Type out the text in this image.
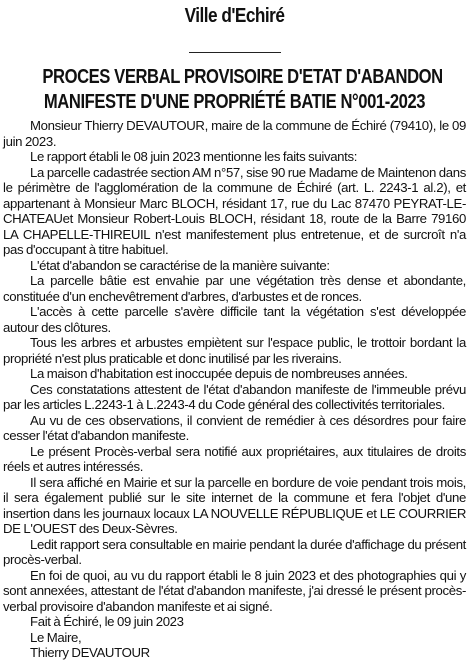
Ville d'Echiré
PROCES VERBAL PROVISOIRE D'ETAT D'ABANDON
MANIFESTE D'UNE PROPRIÉTÉ BATIE N°001-2023

Monsieur Thierry DEVAUTOUR, maire de la commune de Échiré (79410), le 09 juin 2023.

Le rapport établi le 08 juin 2023 mentionne les faits suivants:

La parcelle cadastrée section AM n°57, sise 90 rue Madame de Maintenon dans le périmètre de l'agglomération de la commune de Échiré (art. L. 2243-1 al.2), et appartenant à Monsieur Marc BLOCH, résidant 17, rue du Lac 87470 PEYRAT-LE-CHATEAUet Monsieur Robert-Louis BLOCH, résidant 18, route de la Barre 79160 LA CHAPELLE-THIREUIL n'est manifestement plus entretenue, et de surcroît n'a pas d'occupant à titre habituel.

L'état d'abandon se caractérise de la manière suivante:

La parcelle bâtie est envahie par une végétation très dense et abondante, constituée d'un enchevêtrement d'arbres, d'arbustes et de ronces.

L'accès à cette parcelle s'avère difficile tant la végétation s'est développée autour des clôtures.

Tous les arbres et arbustes empiètent sur l'espace public, le trottoir bordant la propriété n'est plus praticable et donc inutilisé par les riverains.

La maison d'habitation est inoccupée depuis de nombreuses années.

Ces constatations attestent de l'état d'abandon manifeste de l'immeuble prévu par les articles L.2243-1 à L.2243-4 du Code général des collectivités territoriales.

Au vu de ces observations, il convient de remédier à ces désordres pour faire cesser l'état d'abandon manifeste.

Le présent Procès-verbal sera notifié aux propriétaires, aux titulaires de droits réels et autres intéressés.

Il sera affiché en Mairie et sur la parcelle en bordure de voie pendant trois mois, il sera également publié sur le site internet de la commune et fera l'objet d'une insertion dans les journaux locaux LA NOUVELLE RÉPUBLIQUE et LE COURRIER DE L'OUEST des Deux-Sèvres.

Ledit rapport sera consultable en mairie pendant la durée d'affichage du présent procès-verbal.

En foi de quoi, au vu du rapport établi le 8 juin 2023 et des photographies qui y sont annexées, attestant de l'état d'abandon manifeste, j'ai dressé le présent procès-verbal provisoire d'abandon manifeste et ai signé.

Fait à Échiré, le 09 juin 2023

Le Maire,

Thierry DEVAUTOUR
